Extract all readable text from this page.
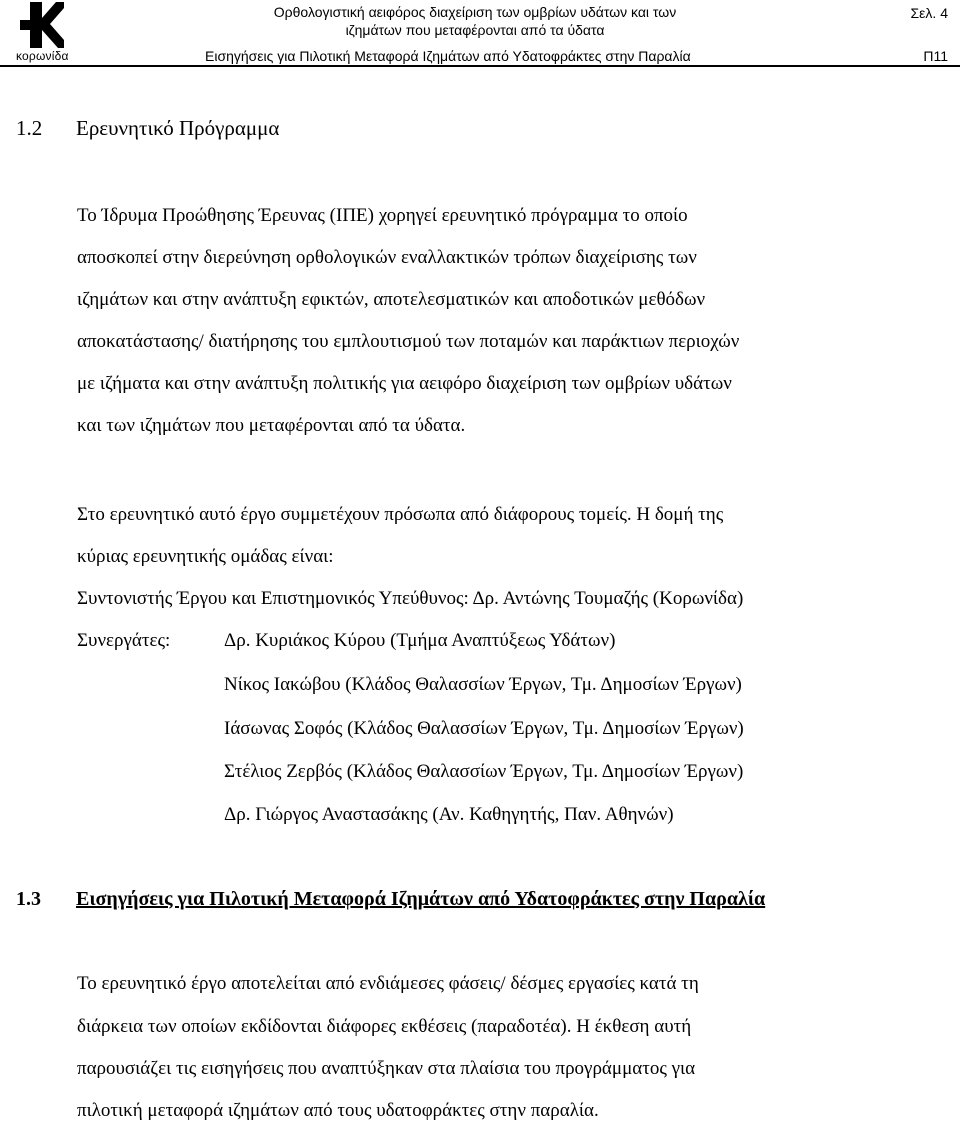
κορωνίδα
Ορθολογιστική αειφόρος διαχείριση των ομβρίων υδάτων και των
ιζημάτων που μεταφέρονται από τα ύδατα
Σελ. 4
Εισηγήσεις για Πιλοτική Μεταφορά Ιζημάτων από Υδατοφράκτες στην Παραλία	Π11
1.2 Ερευνητικό Πρόγραμμα
Το Ίδρυμα Προώθησης Έρευνας (ΙΠΕ) χορηγεί ερευνητικό πρόγραμμα το οποίο
αποσκοπεί στην διερεύνηση ορθολογικών εναλλακτικών τρόπων διαχείρισης των
ιζημάτων και στην ανάπτυξη εφικτών, αποτελεσματικών και αποδοτικών μεθόδων
αποκατάστασης/ διατήρησης του εμπλουτισμού των ποταμών και παράκτιων περιοχών
με ιζήματα και στην ανάπτυξη πολιτικής για αειφόρο διαχείριση των ομβρίων υδάτων
και των ιζημάτων που μεταφέρονται από τα ύδατα.
Στο ερευνητικό αυτό έργο συμμετέχουν πρόσωπα από διάφορους τομείς. Η δομή της
κύριας ερευνητικής ομάδας είναι:
Συντονιστής Έργου και Επιστημονικός Υπεύθυνος: Δρ. Αντώνης Τουμαζής (Κορωνίδα)
Συνεργάτες:	Δρ. Κυριάκος Κύρου (Τμήμα Αναπτύξεως Υδάτων)
Νίκος Ιακώβου (Κλάδος Θαλασσίων Έργων, Τμ. Δημοσίων Έργων)
Ιάσωνας Σοφός (Κλάδος Θαλασσίων Έργων, Τμ. Δημοσίων Έργων)
Στέλιος Ζερβός (Κλάδος Θαλασσίων Έργων, Τμ. Δημοσίων Έργων)
Δρ. Γιώργος Αναστασάκης (Αν. Καθηγητής, Παν. Αθηνών)
1.3 Εισηγήσεις για Πιλοτική Μεταφορά Ιζημάτων από Υδατοφράκτες στην Παραλία
Το ερευνητικό έργο αποτελείται από ενδιάμεσες φάσεις/ δέσμες εργασίες κατά τη
διάρκεια των οποίων εκδίδονται διάφορες εκθέσεις (παραδοτέα). Η έκθεση αυτή
παρουσιάζει τις εισηγήσεις που αναπτύξηκαν στα πλαίσια του προγράμματος για
πιλοτική μεταφορά ιζημάτων από τους υδατοφράκτες στην παραλία.
